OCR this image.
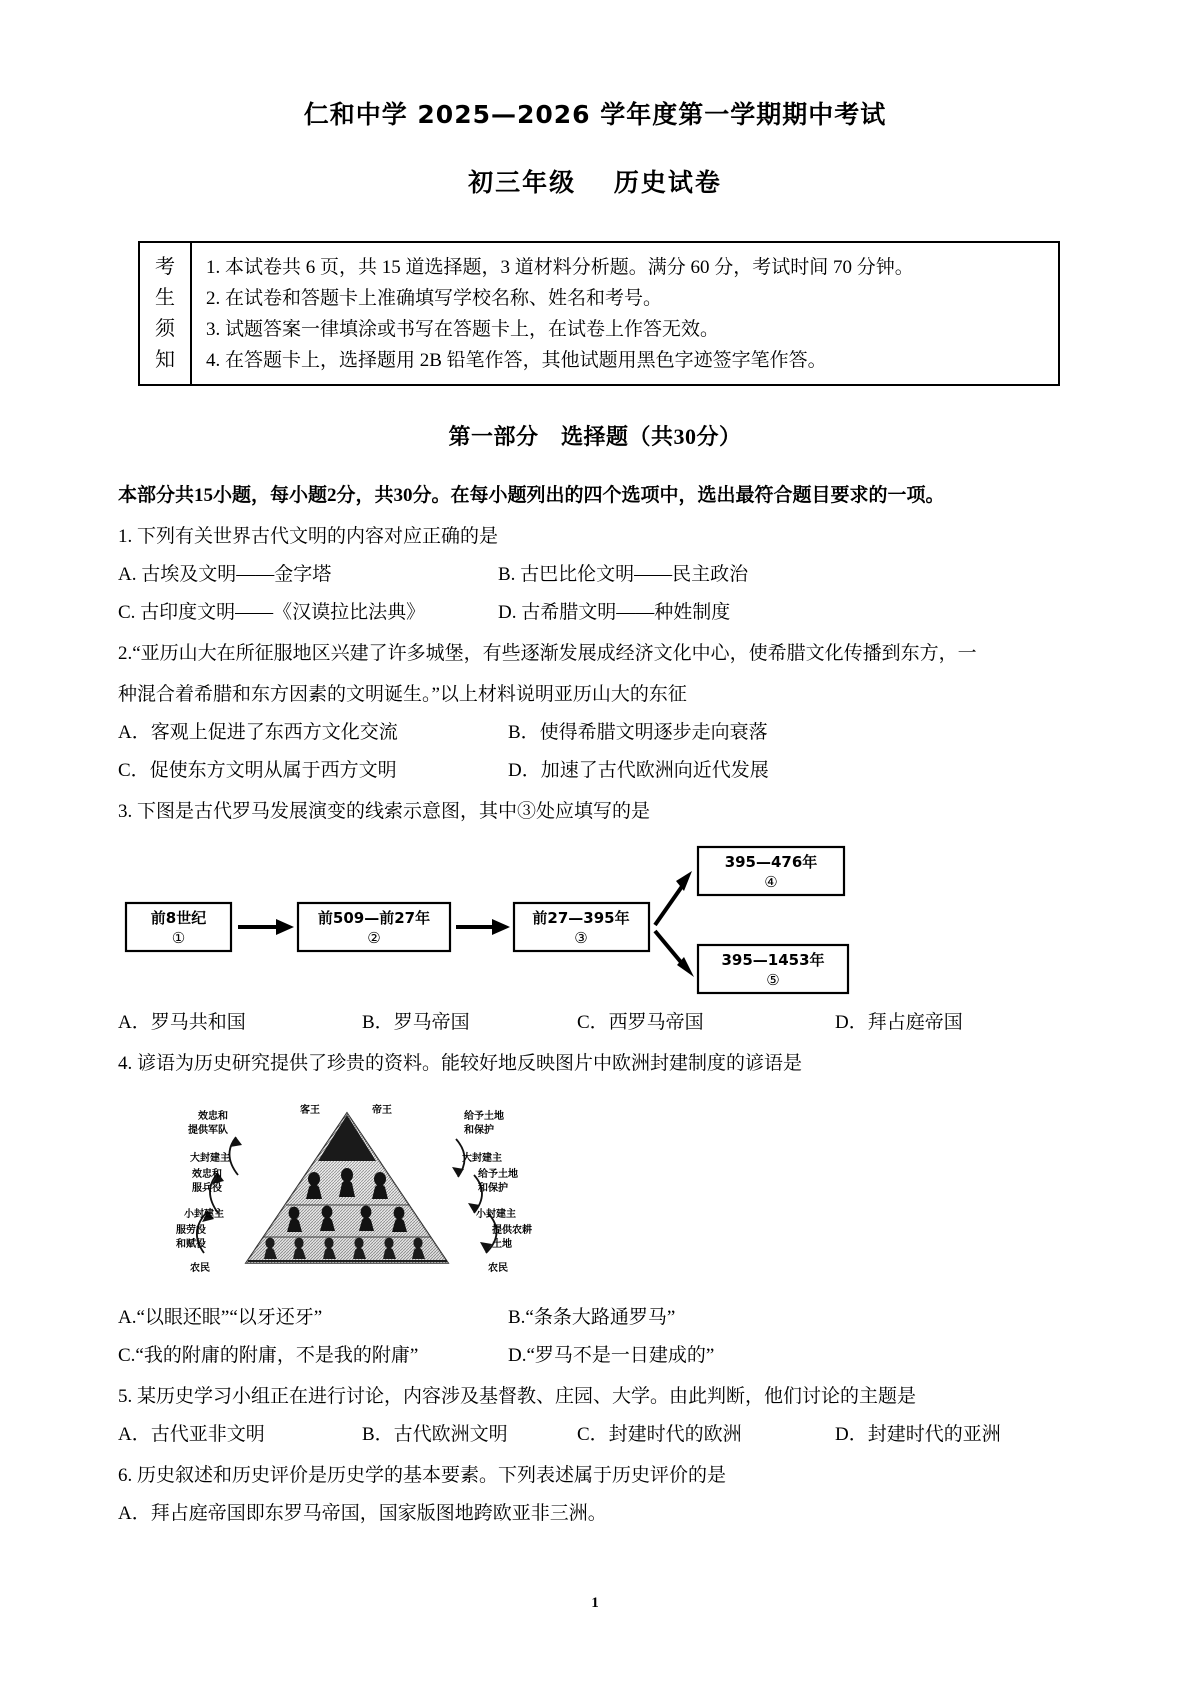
仁和中学 2025—2026 学年度第一学期期中考试
初三年级　 历史试卷
考
生
须
知

1. 本试卷共 6 页，共 15 道选择题，3 道材料分析题。满分 60 分，考试时间 70 分钟。

2. 在试卷和答题卡上准确填写学校名称、姓名和考号。

3. 试题答案一律填涂或书写在答题卡上，在试卷上作答无效。

4. 在答题卡上，选择题用 2B 铅笔作答，其他试题用黑色字迹签字笔作答。

第一部分　选择题（共30分）

本部分共15小题，每小题2分，共30分。在每小题列出的四个选项中，选出最符合题目要求的一项。

1. 下列有关世界古代文明的内容对应正确的是

A. 古埃及文明——金字塔	B. 古巴比伦文明——民主政治
C. 古印度文明——《汉谟拉比法典》	D. 古希腊文明——种姓制度

2.“亚历山大在所征服地区兴建了许多城堡，有些逐渐发展成经济文化中心，使希腊文化传播到东方，一

种混合着希腊和东方因素的文明诞生。”以上材料说明亚历山大的东征

A．客观上促进了东西方文化交流	B．使得希腊文明逐步走向衰落
C．促使东方文明从属于西方文明	D．加速了古代欧洲向近代发展

3. 下图是古代罗马发展演变的线索示意图，其中③处应填写的是

前8世纪
①
前509—前27年
②
前27—395年
③
395—476年
④
395—1453年
⑤
A．罗马共和国	B．罗马帝国	C．西罗马帝国	D．拜占庭帝国

4. 谚语为历史研究提供了珍贵的资料。能较好地反映图片中欧洲封建制度的谚语是

客王	帝王
效忠和
提供军队
大封建主
效忠和
服兵役
小封建主
服劳役
和赋役
农民
给予土地
和保护
大封建主
给予土地
和保护
小封建主
提供农耕
土地
农民
A.“以眼还眼”“以牙还牙”	B.“条条大路通罗马”
C.“我的附庸的附庸，不是我的附庸”	D.“罗马不是一日建成的”

5. 某历史学习小组正在进行讨论，内容涉及基督教、庄园、大学。由此判断，他们讨论的主题是

A．古代亚非文明	B．古代欧洲文明	C．封建时代的欧洲	D．封建时代的亚洲

6. 历史叙述和历史评价是历史学的基本要素。下列表述属于历史评价的是

A．拜占庭帝国即东罗马帝国，国家版图地跨欧亚非三洲。
1
